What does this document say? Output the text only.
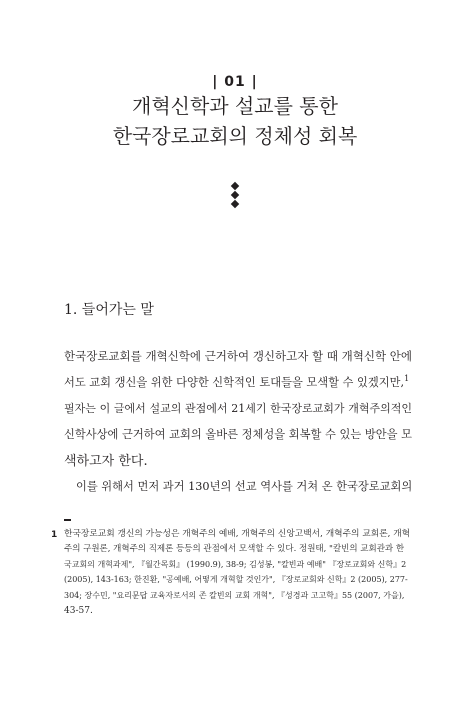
| 01 |
개혁신학과 설교를 통한
한국장로교회의 정체성 회복
1. 들어가는 말
한국장로교회를 개혁신학에 근거하여 갱신하고자 할 때 개혁신학 안에
서도 교회 갱신을 위한 다양한 신학적인 토대들을 모색할 수 있겠지만,$^1$
필자는 이 글에서 설교의 관점에서 21세기 한국장로교회가 개혁주의적인
신학사상에 근거하여 교회의 올바른 정체성을 회복할 수 있는 방안을 모
색하고자 한다.
이를 위해서 먼저 과거 130년의 선교 역사를 거쳐 온 한국장로교회의
1 한국장로교회 갱신의 가능성은 개혁주의 예배, 개혁주의 신앙고백서, 개혁주의 교회론, 개혁
주의 구원론, 개혁주의 직제론 등등의 관점에서 모색할 수 있다. 정원태, "칼빈의 교회관과 한
국교회의 개혁과제", 『월간목회』 (1990.9), 38-9; 김성봉, "칼빈과 예배" 『장로교회와 신학』2
(2005), 143-163; 한진환, "공예배, 어떻게 개혁할 것인가", 『장로교회와 신학』2 (2005), 277-
304; 장수민, "요리문답 교육자로서의 존 칼빈의 교회 개혁", 『성경과 고고학』55 (2007, 가을),
43-57.
